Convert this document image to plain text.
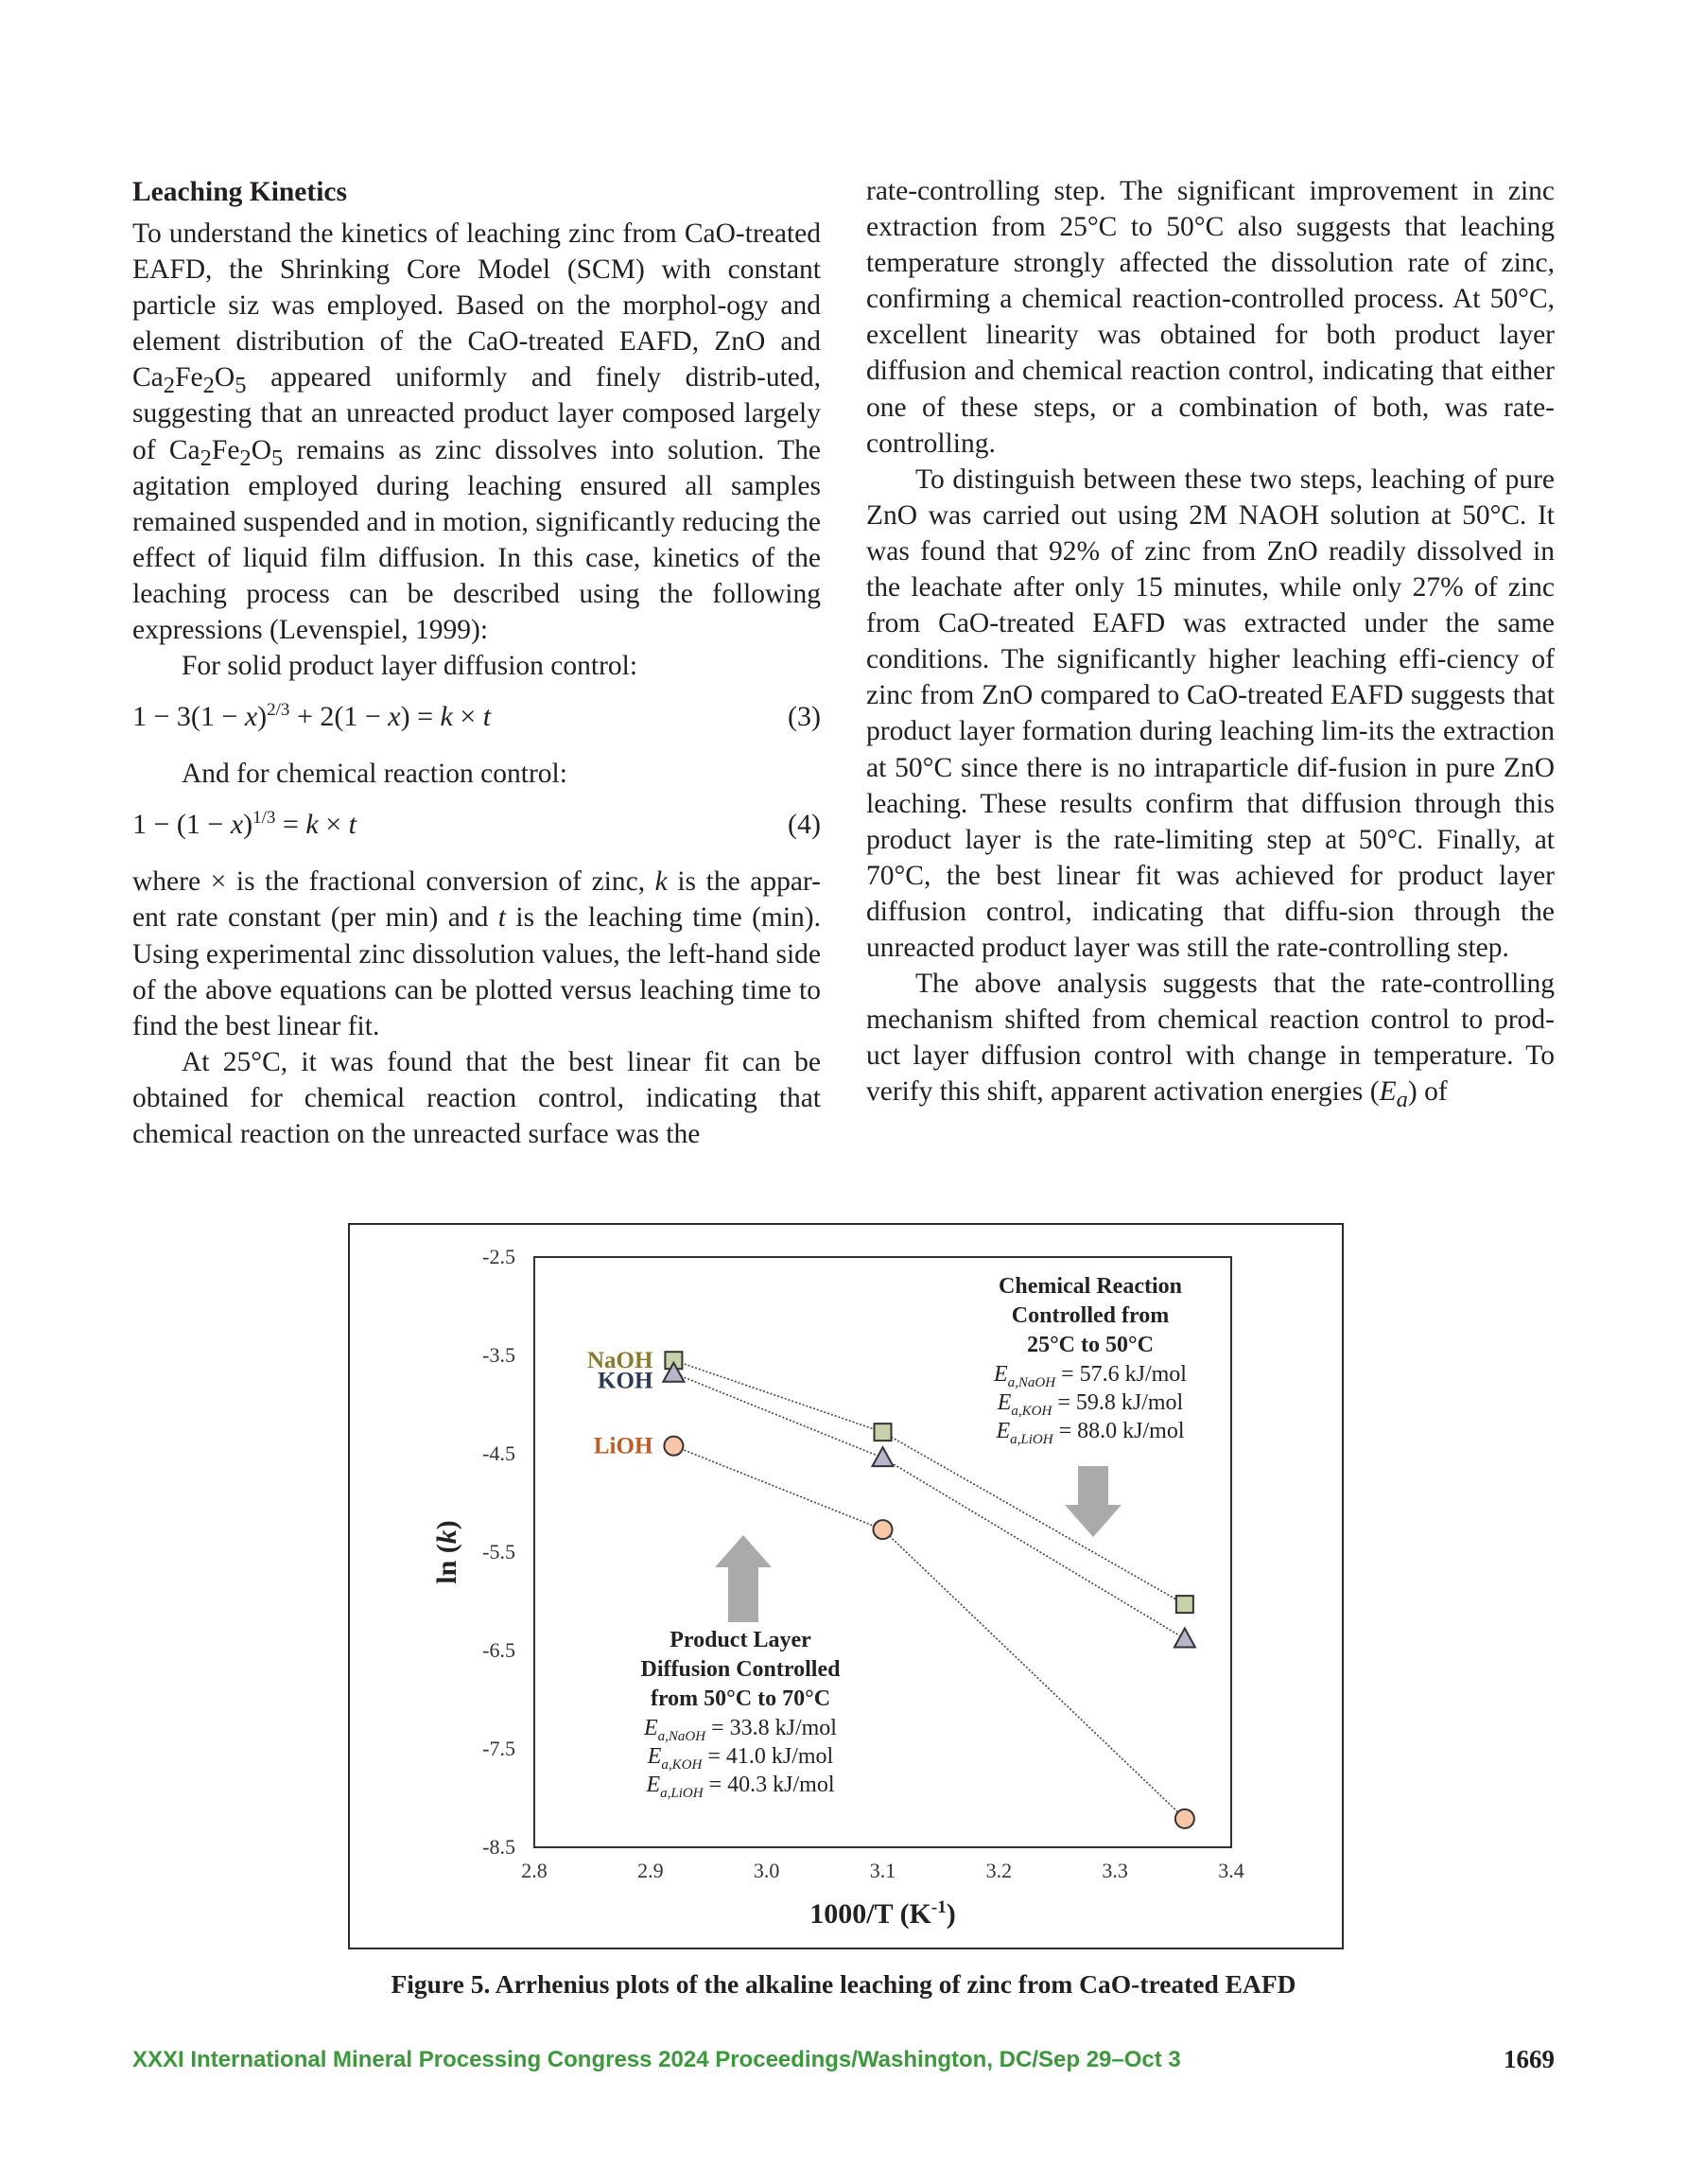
Leaching Kinetics

To understand the kinetics of leaching zinc from CaO-treated EAFD, the Shrinking Core Model (SCM) with constant particle siz was employed. Based on the morphol-ogy and element distribution of the CaO-treated EAFD, ZnO and $Ca_2Fe_2O_5$ appeared uniformly and finely distrib-uted, suggesting that an unreacted product layer composed largely of $Ca_2Fe_2O_5$ remains as zinc dissolves into solution. The agitation employed during leaching ensured all samples remained suspended and in motion, significantly reducing the effect of liquid film diffusion. In this case, kinetics of the leaching process can be described using the following expressions (Levenspiel, 1999):

For solid product layer diffusion control:

$1 - 3(1 - x)^{2/3} + 2(1 - x) = k \times t$	(3)

And for chemical reaction control:

$1 - (1 - x)^{1/3} = k \times t$	(4)

where × is the fractional conversion of zinc, k is the appar-ent rate constant (per min) and t is the leaching time (min). Using experimental zinc dissolution values, the left-hand side of the above equations can be plotted versus leaching time to find the best linear fit.

At 25°C, it was found that the best linear fit can be obtained for chemical reaction control, indicating that chemical reaction on the unreacted surface was the

rate-controlling step. The significant improvement in zinc extraction from 25°C to 50°C also suggests that leaching temperature strongly affected the dissolution rate of zinc, confirming a chemical reaction-controlled process. At 50°C, excellent linearity was obtained for both product layer diffusion and chemical reaction control, indicating that either one of these steps, or a combination of both, was rate-controlling.

To distinguish between these two steps, leaching of pure ZnO was carried out using 2M NAOH solution at 50°C. It was found that 92% of zinc from ZnO readily dissolved in the leachate after only 15 minutes, while only 27% of zinc from CaO-treated EAFD was extracted under the same conditions. The significantly higher leaching effi-ciency of zinc from ZnO compared to CaO-treated EAFD suggests that product layer formation during leaching lim-its the extraction at 50°C since there is no intraparticle dif-fusion in pure ZnO leaching. These results confirm that diffusion through this product layer is the rate-limiting step at 50°C. Finally, at 70°C, the best linear fit was achieved for product layer diffusion control, indicating that diffu-sion through the unreacted product layer was still the rate-controlling step.

The above analysis suggests that the rate-controlling mechanism shifted from chemical reaction control to prod-uct layer diffusion control with change in temperature. To verify this shift, apparent activation energies $(E_a)$ of

-2.5
-3.5
-4.5
-5.5
-6.5
-7.5
-8.5
2.8	2.9	3.0	3.1	3.2	3.3	3.4
1000/T $(K^{-1})$
ln (k)
NaOH
KOH
LiOH
Chemical Reaction
Controlled from
25°C to 50°C
$E_{a,NaOH} = 57.6$ kJ/mol
$E_{a,KOH} = 59.8$ kJ/mol
$E_{a,LiOH} = 88.0$ kJ/mol
Product Layer
Diffusion Controlled
from 50°C to 70°C
$E_{a,NaOH} = 33.8$ kJ/mol
$E_{a,KOH} = 41.0$ kJ/mol
$E_{a,LiOH} = 40.3$ kJ/mol
Figure 5. Arrhenius plots of the alkaline leaching of zinc from CaO-treated EAFD
XXXI International Mineral Processing Congress 2024 Proceedings/Washington, DC/Sep 29–Oct 3	1669
